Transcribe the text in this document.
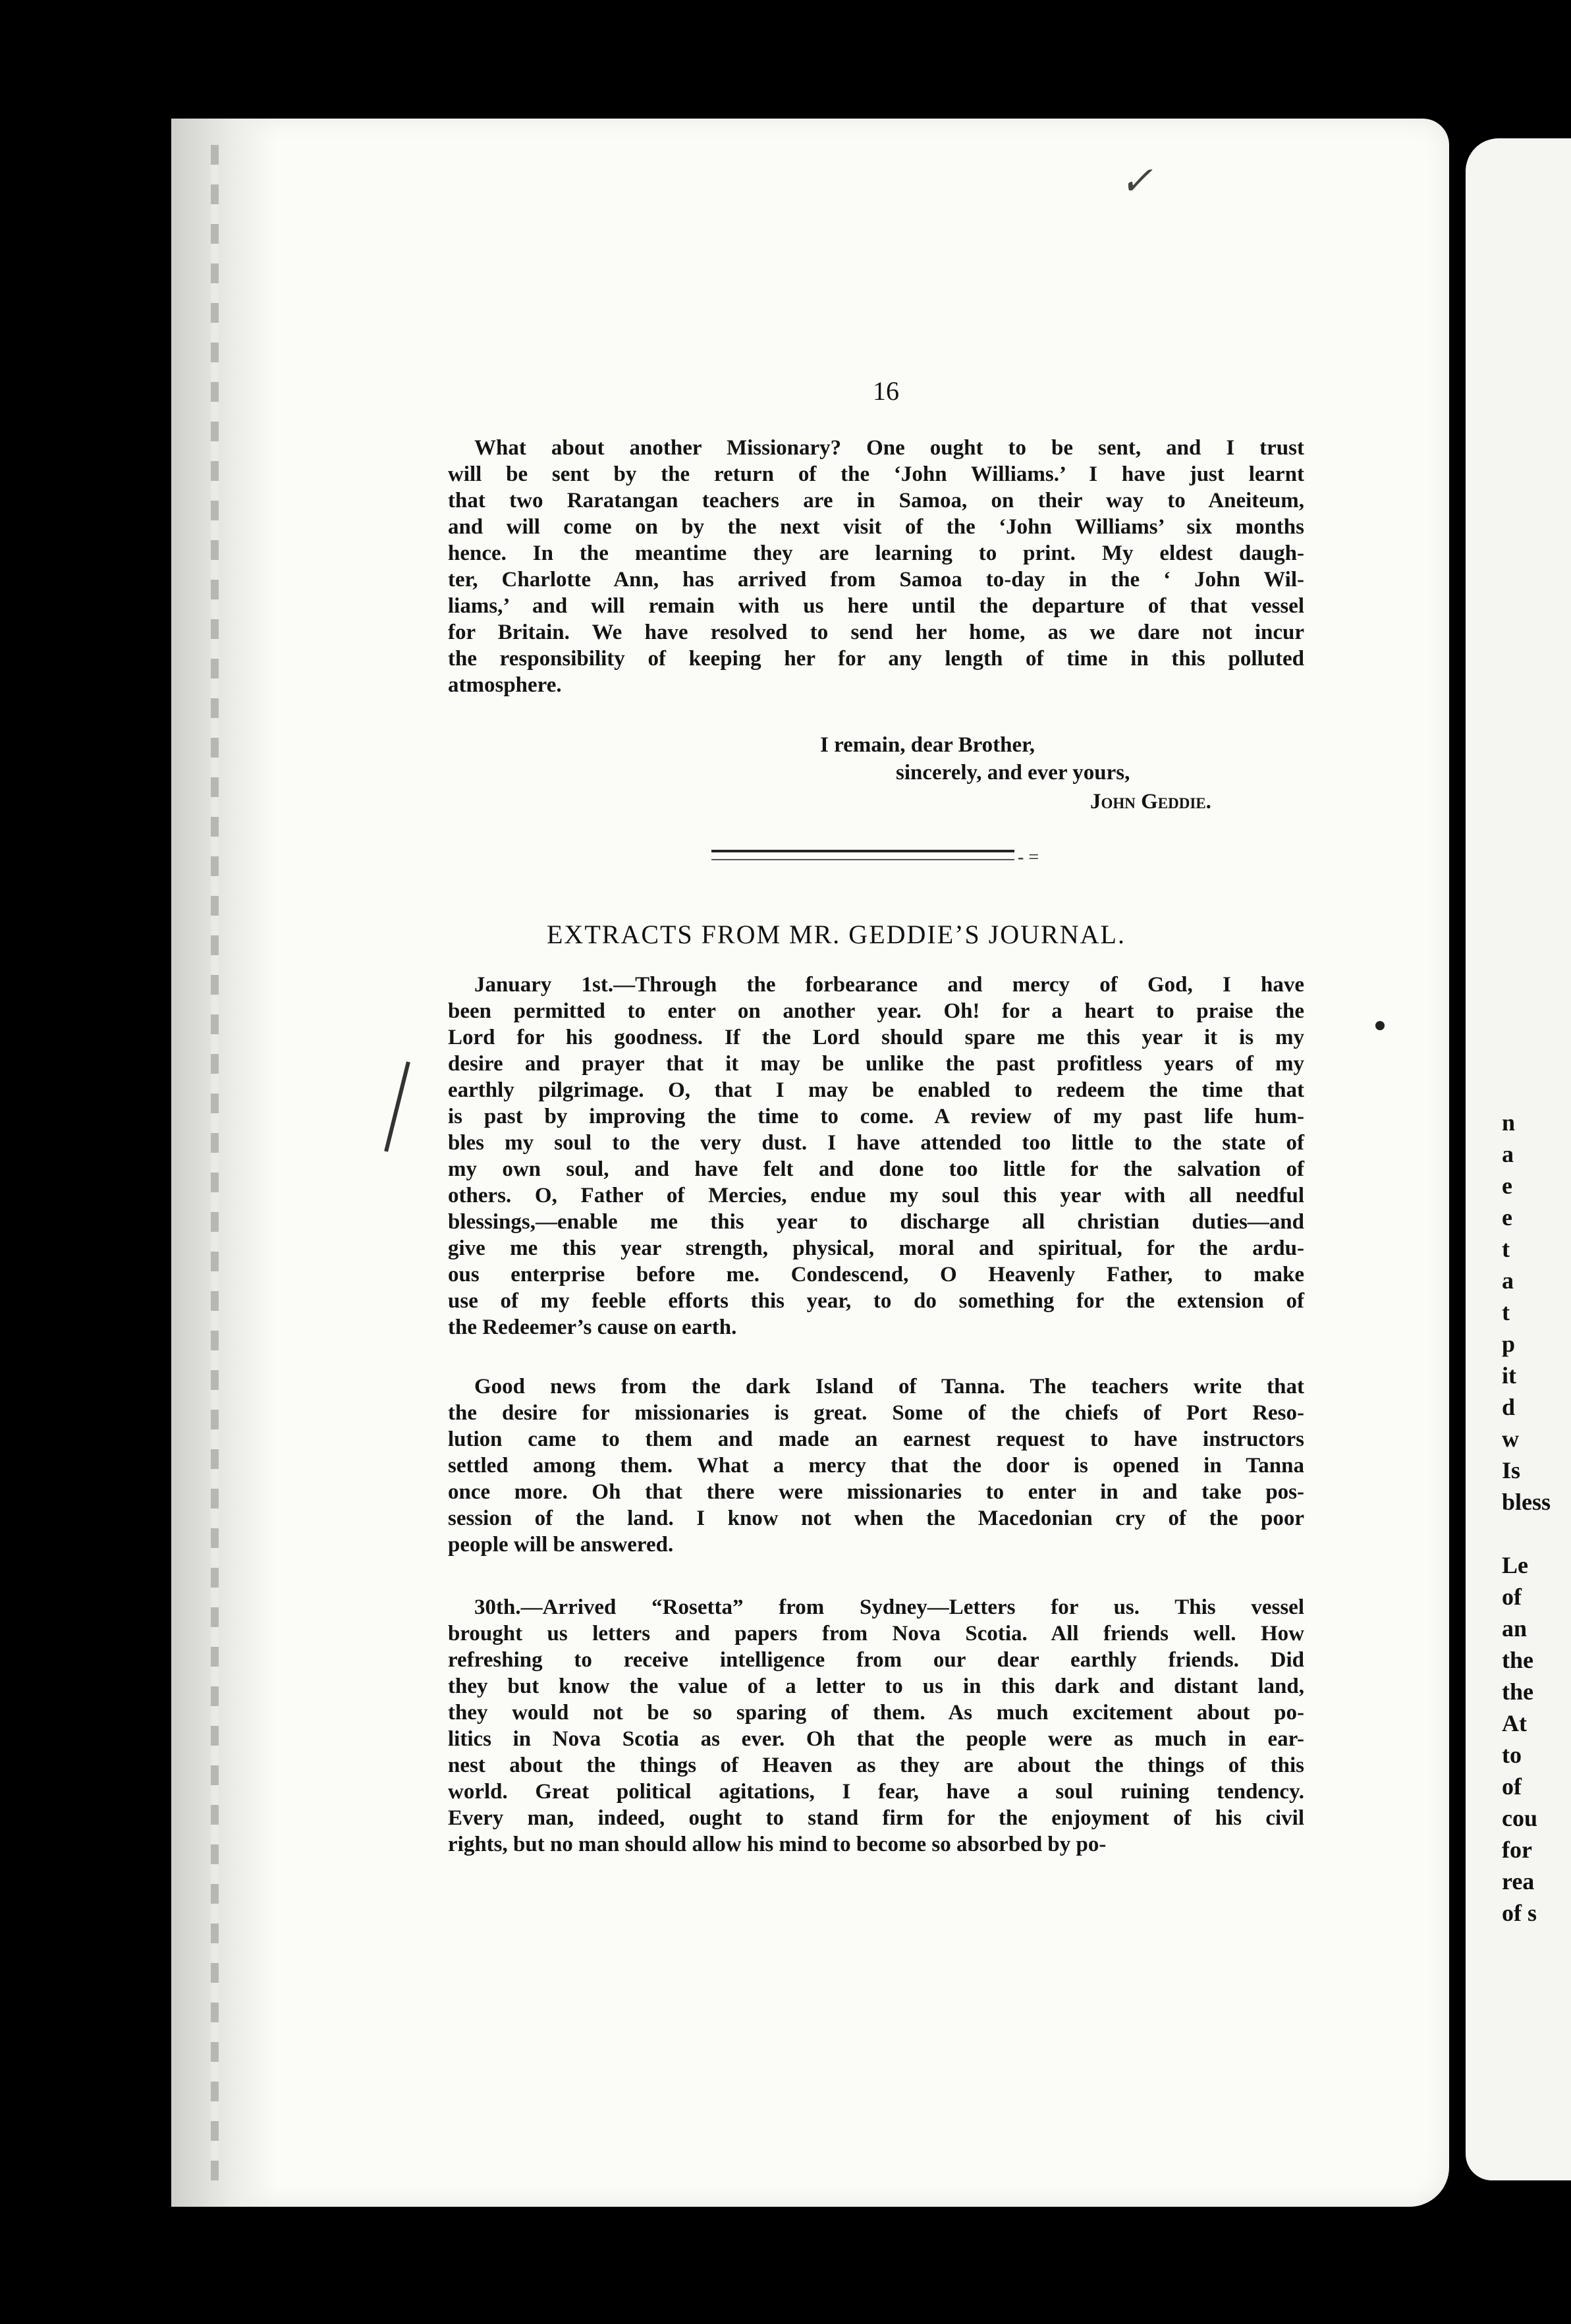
n
a
e
e
t
a
t
p
it
d
w
Is
bless
Le
of
an
the
the
At
to
of
cou
for
rea
of s
✓
16
What about another Missionary? One ought to be sent, and I trust
will be sent by the return of the ‘John Williams.’ I have just learnt
that two Raratangan teachers are in Samoa, on their way to Aneiteum,
and will come on by the next visit of the ‘John Williams’ six months
hence. In the meantime they are learning to print. My eldest daugh-
ter, Charlotte Ann, has arrived from Samoa to-day in the ‘ John Wil-
liams,’ and will remain with us here until the departure of that vessel
for Britain. We have resolved to send her home, as we dare not incur
the responsibility of keeping her for any length of time in this polluted
atmosphere.
I remain, dear Brother,
sincerely, and ever yours,
John Geddie.
- =
EXTRACTS FROM MR. GEDDIE’S JOURNAL.
January 1st.—Through the forbearance and mercy of God, I have
been permitted to enter on another year. Oh! for a heart to praise the
Lord for his goodness. If the Lord should spare me this year it is my
desire and prayer that it may be unlike the past profitless years of my
earthly pilgrimage. O, that I may be enabled to redeem the time that
is past by improving the time to come. A review of my past life hum-
bles my soul to the very dust. I have attended too little to the state of
my own soul, and have felt and done too little for the salvation of
others. O, Father of Mercies, endue my soul this year with all needful
blessings,—enable me this year to discharge all christian duties—and
give me this year strength, physical, moral and spiritual, for the ardu-
ous enterprise before me. Condescend, O Heavenly Father, to make
use of my feeble efforts this year, to do something for the extension of
the Redeemer’s cause on earth.
Good news from the dark Island of Tanna. The teachers write that
the desire for missionaries is great. Some of the chiefs of Port Reso-
lution came to them and made an earnest request to have instructors
settled among them. What a mercy that the door is opened in Tanna
once more. Oh that there were missionaries to enter in and take pos-
session of the land. I know not when the Macedonian cry of the poor
people will be answered.
30th.—Arrived “Rosetta” from Sydney—Letters for us. This vessel
brought us letters and papers from Nova Scotia. All friends well. How
refreshing to receive intelligence from our dear earthly friends. Did
they but know the value of a letter to us in this dark and distant land,
they would not be so sparing of them. As much excitement about po-
litics in Nova Scotia as ever. Oh that the people were as much in ear-
nest about the things of Heaven as they are about the things of this
world. Great political agitations, I fear, have a soul ruining tendency.
Every man, indeed, ought to stand firm for the enjoyment of his civil
rights, but no man should allow his mind to become so absorbed by po-
